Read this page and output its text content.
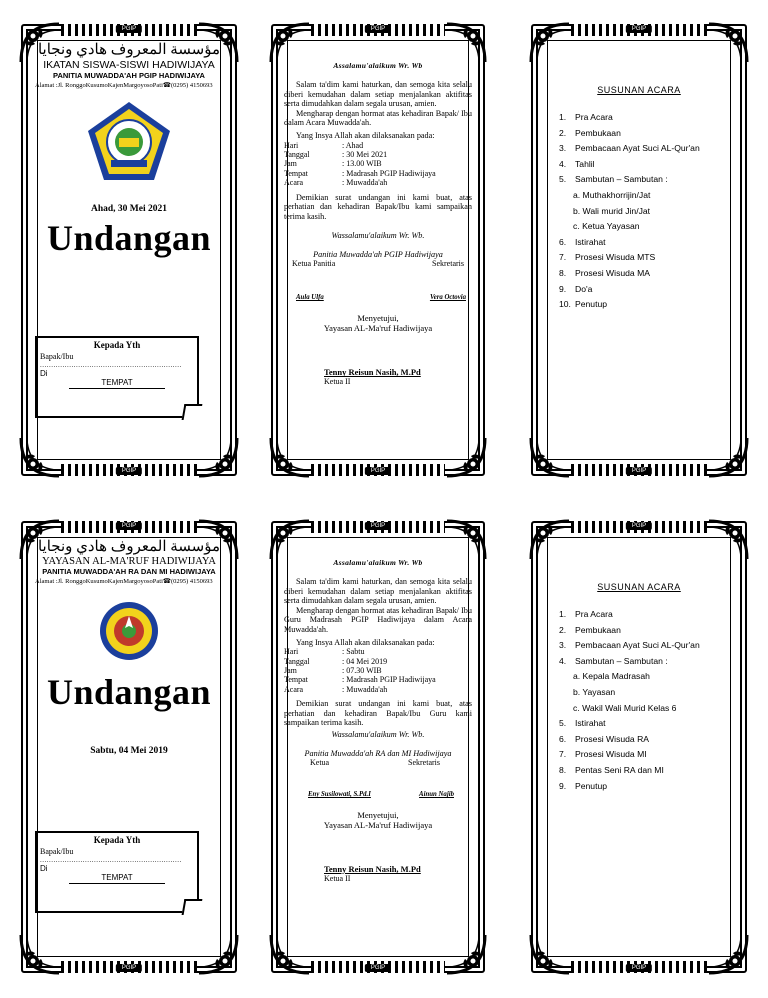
PGIP
PGIP
مؤسسة المعروف هادي ونجايا
IKATAN SISWA-SISWI HADIWIJAYA
PANITIA MUWADDA'AH PGIP HADIWIJAYA
Alamat :Jl. RonggoKusumoKajenMargoyosoPati☎(0295) 4150693
Ahad, 30 Mei 2021
Undangan
Kepada Yth
Bapak/Ibu
...............................................................
Di
TEMPAT
PGIP
PGIP
Assalamu'alaikum Wr. Wb
Salam ta'dim kami haturkan, dan semoga kita selalu diberi kemudahan dalam setiap menjalankan aktifitas serta dimudahkan dalam segala urusan, amien.
Mengharap dengan hormat atas kehadiran Bapak/ Ibu dalam Acara Muwadda'ah.
Yang Insya Allah akan dilaksanakan pada:
Hari	: Ahad
Tanggal	: 30 Mei 2021
Jam	: 13.00 WIB
Tempat	: Madrasah PGIP Hadiwijaya
Acara	: Muwadda'ah
Demikian surat undangan ini kami buat, atas perhatian dan kehadiran Bapak/Ibu kami sampaikan terima kasih.
Wassalamu'alaikum Wr. Wb.
Panitia Muwadda'ah PGIP Hadiwijaya
Ketua Panitia	Sekretaris
Aula Ulfa	Vera Octovia
Menyetujui,
Yayasan AL-Ma'ruf Hadiwijaya
Tenny Reisun Nasih, M.Pd
Ketua II
PGIP
PGIP
SUSUNAN ACARA
1. Pra Acara
2. Pembukaan
3. Pembacaan Ayat Suci AL-Qur'an
4. Tahlil
5. Sambutan – Sambutan :
a. Muthakhorrijin/Jat
b. Wali murid Jin/Jat
c. Ketua Yayasan
6. Istirahat
7. Prosesi Wisuda MTS
8. Prosesi Wisuda MA
9. Do'a
10. Penutup
PGIP
PGIP
مؤسسة المعروف هادي ونجايا
YAYASAN AL-MA'RUF HADIWIJAYA
PANITIA MUWADDA'AH RA DAN MI HADIWIJAYA
Alamat :Jl. RonggoKusumoKajenMargoyosoPati☎(0295) 4150693
Undangan
Sabtu, 04 Mei 2019
Kepada Yth
Bapak/Ibu
...............................................................
Di
TEMPAT
PGIP
PGIP
Assalamu'alaikum Wr. Wb
Salam ta'dim kami haturkan, dan semoga kita selalu diberi kemudahan dalam setiap menjalankan aktifitas serta dimudahkan dalam segala urusan, amien.
Mengharap dengan hormat atas kehadiran Bapak/ Ibu Guru Madrasah PGIP Hadiwijaya dalam Acara Muwadda'ah.
Yang Insya Allah akan dilaksanakan pada:
Hari	: Sabtu
Tanggal	: 04 Mei 2019
Jam	: 07.30 WIB
Tempat	: Madrasah PGIP Hadiwijaya
Acara	: Muwadda'ah
Demikian surat undangan ini kami buat, atas perhatian dan kehadiran Bapak/Ibu Guru kami sampaikan terima kasih.
Wassalamu'alaikum Wr. Wb.
Panitia Muwadda'ah RA dan MI Hadiwijaya
Ketua	Sekretaris
Eny Susilowati, S.Pd.I	Ainun Najib
Menyetujui,
Yayasan AL-Ma'ruf Hadiwijaya
Tenny Reisun Nasih, M.Pd
Ketua II
PGIP
PGIP
SUSUNAN ACARA
1. Pra Acara
2. Pembukaan
3. Pembacaan Ayat Suci AL-Qur'an
4. Sambutan – Sambutan :
a. Kepala Madrasah
b. Yayasan
c. Wakil Wali Murid Kelas 6
5. Istirahat
6. Prosesi Wisuda RA
7. Prosesi Wisuda MI
8. Pentas Seni RA dan MI
9. Penutup
